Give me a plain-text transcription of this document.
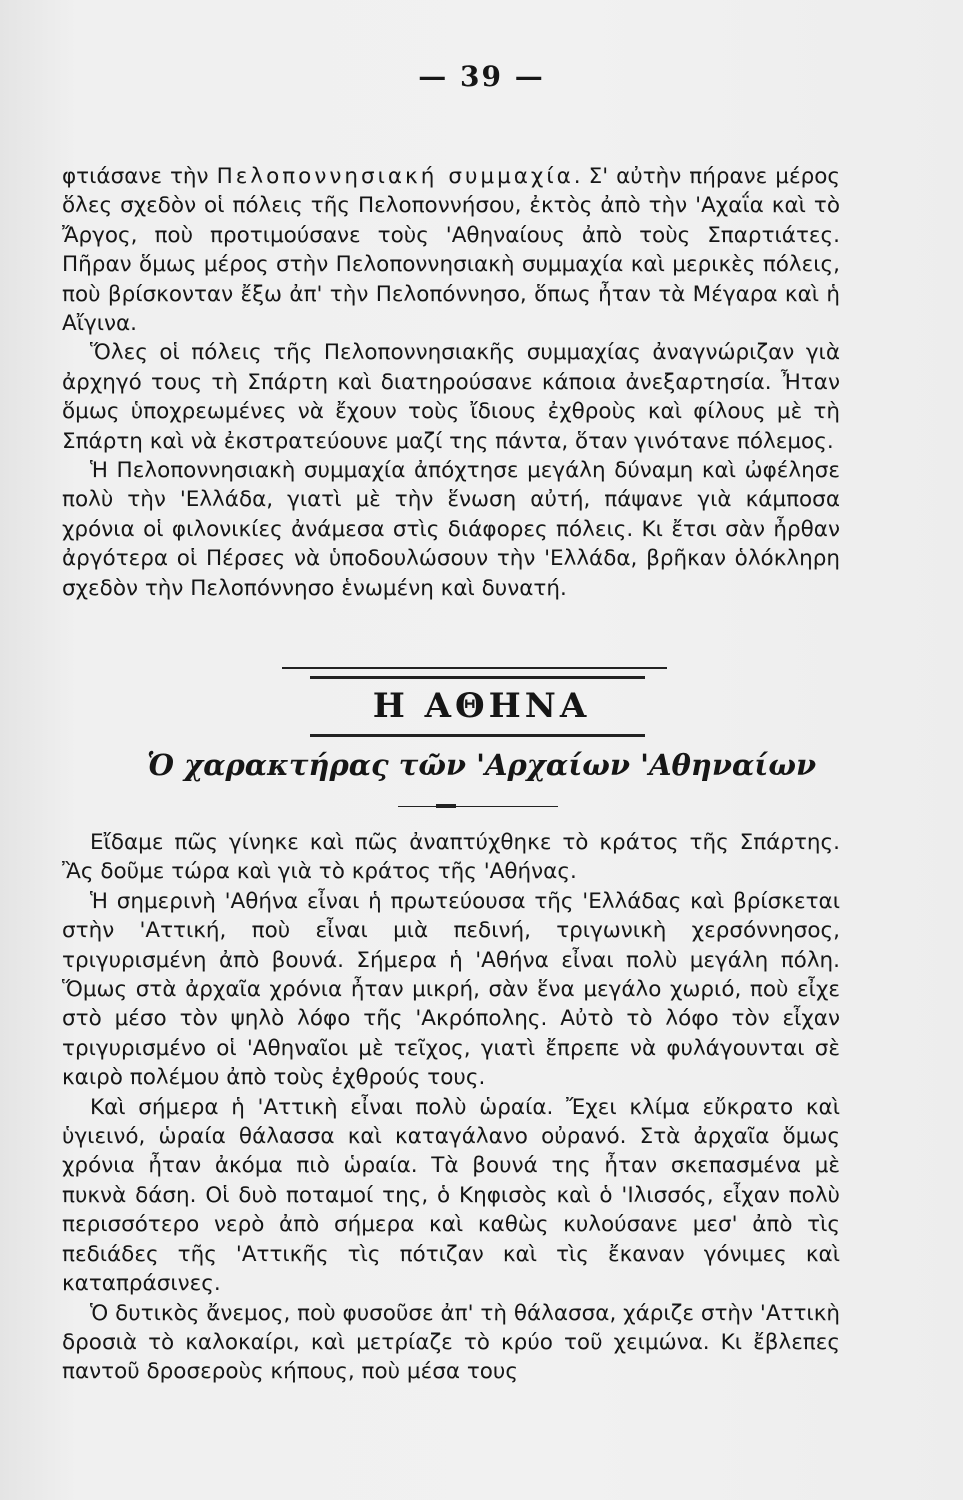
— 39 —

φτιάσανε τὴν Πελοποννησιακή συμμαχία. Σ' αὐτὴν πήρανε μέρος ὅλες σχεδὸν οἱ πόλεις τῆς Πελοποννήσου, ἐκτὸς ἀπὸ τὴν 'Αχαΐα καὶ τὸ Ἄργος, ποὺ προτιμούσανε τοὺς 'Αθηναίους ἀπὸ τοὺς Σπαρτιάτες. Πῆραν ὅμως μέρος στὴν Πελοποννησιακὴ συμμαχία καὶ μερικὲς πόλεις, ποὺ βρίσκονταν ἔξω ἀπ' τὴν Πελοπόννησο, ὅπως ἦταν τὰ Μέγαρα καὶ ἡ Αἴγινα.

Ὅλες οἱ πόλεις τῆς Πελοποννησιακῆς συμμαχίας ἀναγνώριζαν γιὰ ἀρχηγό τους τὴ Σπάρτη καὶ διατηρούσανε κάποια ἀνεξαρτησία. Ἦταν ὅμως ὑποχρεωμένες νὰ ἔχουν τοὺς ἴδιους ἐχθροὺς καὶ φίλους μὲ τὴ Σπάρτη καὶ νὰ ἐκστρατεύουνε μαζί της πάντα, ὅταν γινότανε πόλεμος.

Ἡ Πελοποννησιακὴ συμμαχία ἀπόχτησε μεγάλη δύναμη καὶ ὠφέλησε πολὺ τὴν 'Ελλάδα, γιατὶ μὲ τὴν ἕνωση αὐτή, πάψανε γιὰ κάμποσα χρόνια οἱ φιλονικίες ἀνάμεσα στὶς διάφορες πόλεις. Κι ἔτσι σὰν ἦρθαν ἀργότερα οἱ Πέρσες νὰ ὑποδουλώσουν τὴν 'Ελλάδα, βρῆκαν ὁλόκληρη σχεδὸν τὴν Πελοπόννησο ἑνωμένη καὶ δυνατή.

Η ΑΘΗΝΑ
Ὁ χαρακτήρας τῶν 'Αρχαίων 'Αθηναίων

Εἴδαμε πῶς γίνηκε καὶ πῶς ἀναπτύχθηκε τὸ κράτος τῆς Σπάρτης. Ἂς δοῦμε τώρα καὶ γιὰ τὸ κράτος τῆς 'Αθήνας.

Ἡ σημερινὴ 'Αθήνα εἶναι ἡ πρωτεύουσα τῆς 'Ελλάδας καὶ βρίσκεται στὴν 'Αττική, ποὺ εἶναι μιὰ πεδινή, τριγωνικὴ χερσόννησος, τριγυρισμένη ἀπὸ βουνά. Σήμερα ἡ 'Αθήνα εἶναι πολὺ μεγάλη πόλη. Ὅμως στὰ ἀρχαῖα χρόνια ἦταν μικρή, σὰν ἕνα μεγάλο χωριό, ποὺ εἶχε στὸ μέσο τὸν ψηλὸ λόφο τῆς 'Ακρόπολης. Αὐτὸ τὸ λόφο τὸν εἶχαν τριγυρισμένο οἱ 'Αθηναῖοι μὲ τεῖχος, γιατὶ ἔπρεπε νὰ φυλάγουνται σὲ καιρὸ πολέμου ἀπὸ τοὺς ἐχθρούς τους.

Καὶ σήμερα ἡ 'Αττικὴ εἶναι πολὺ ὡραία. Ἔχει κλίμα εὔκρατο καὶ ὑγιεινό, ὡραία θάλασσα καὶ καταγάλανο οὐρανό. Στὰ ἀρχαῖα ὅμως χρόνια ἦταν ἀκόμα πιὸ ὡραία. Τὰ βουνά της ἦταν σκεπασμένα μὲ πυκνὰ δάση. Οἱ δυὸ ποταμοί της, ὁ Κηφισὸς καὶ ὁ 'Ιλισσός, εἶχαν πολὺ περισσότερο νερὸ ἀπὸ σήμερα καὶ καθὼς κυλούσανε μεσ' ἀπὸ τὶς πεδιάδες τῆς 'Αττικῆς τὶς πότιζαν καὶ τὶς ἔκαναν γόνιμες καὶ καταπράσινες.

Ὁ δυτικὸς ἄνεμος, ποὺ φυσοῦσε ἀπ' τὴ θάλασσα, χάριζε στὴν 'Αττικὴ δροσιὰ τὸ καλοκαίρι, καὶ μετρίαζε τὸ κρύο τοῦ χειμώνα. Κι ἔβλεπες παντοῦ δροσεροὺς κήπους, ποὺ μέσα τους
